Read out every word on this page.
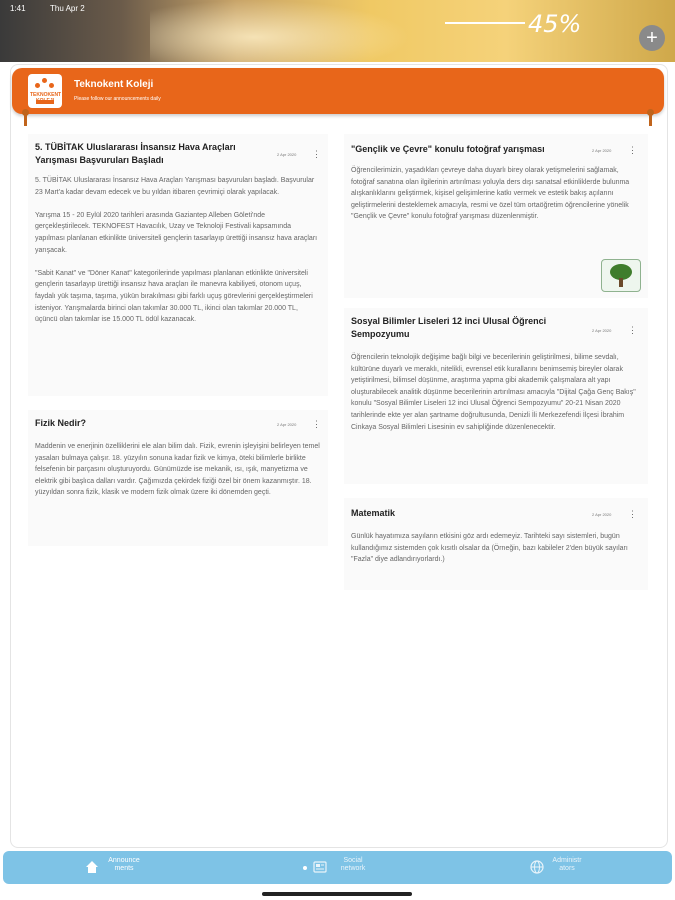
1:41	Thu Apr 2
45%	+
TEKNOKENT
Teknokent Koleji
Please follow our announcements daily
5. TÜBİTAK Uluslararası İnsansız Hava Araçları Yarışması Başvuruları Başladı
2 Apr 2020 ⋮

5. TÜBİTAK Uluslararası İnsansız Hava Araçları Yarışması başvuruları başladı. Başvurular 23 Mart'a kadar devam edecek ve bu yıldan itibaren çevrimiçi olarak yapılacak.

Yarışma 15 - 20 Eylül 2020 tarihleri arasında Gaziantep Alleben Göleti'nde gerçekleştirilecek. TEKNOFEST Havacılık, Uzay ve Teknoloji Festivali kapsamında yapılması planlanan etkinlikte üniversiteli gençlerin tasarlayıp ürettiği insansız hava araçları yarışacak.

"Sabit Kanat" ve "Döner Kanat" kategorilerinde yapılması planlanan etkinlikte üniversiteli gençlerin tasarlayıp ürettiği insansız hava araçları ile manevra kabiliyeti, otonom uçuş, faydalı yük taşıma, taşıma, yükün bırakılması gibi farklı uçuş görevlerini gerçekleştirmeleri isteniyor. Yarışmalarda birinci olan takımlar 30.000 TL, ikinci olan takımlar 20.000 TL, üçüncü olan takımlar ise 15.000 TL ödül kazanacak.

Fizik Nedir?	2 Apr 2020 ⋮

Maddenin ve enerjinin özelliklerini ele alan bilim dalı. Fizik, evrenin işleyişini belirleyen temel yasaları bulmaya çalışır. 18. yüzyılın sonuna kadar fizik ve kimya, öteki bilimlerle birlikte felsefenin bir parçasını oluşturuyordu. Günümüzde ise mekanik, ısı, ışık, manyetizma ve elektrik gibi başlıca dalları vardır. Çağımızda çekirdek fiziği özel bir önem kazanmıştır. 18. yüzyıldan sonra fizik, klasik ve modern fizik olmak üzere iki dönemden geçti.

"Gençlik ve Çevre" konulu fotoğraf yarışması	2 Apr 2020 ⋮

Öğrencilerimizin, yaşadıkları çevreye daha duyarlı birey olarak yetişmelerini sağlamak, fotoğraf sanatına olan ilgilerinin artırılması yoluyla ders dışı sanatsal etkinliklerde bulunma alışkanlıklarını geliştirmek, kişisel gelişimlerine katkı vermek ve estetik bakış açılarını geliştirmelerini desteklemek amacıyla, resmi ve özel tüm ortaöğretim öğrencilerine yönelik "Gençlik ve Çevre" konulu fotoğraf yarışması düzenlenmiştir.

Sosyal Bilimler Liseleri 12 inci Ulusal Öğrenci Sempozyumu	2 Apr 2020 ⋮

Öğrencilerin teknolojik değişime bağlı bilgi ve becerilerinin geliştirilmesi, bilime sevdalı, kültürüne duyarlı ve meraklı, nitelikli, evrensel etik kurallarını benimsemiş bireyler olarak yetiştirilmesi, bilimsel düşünme, araştırma yapma gibi akademik çalışmalara alt yapı oluşturabilecek analitik düşünme becerilerinin artırılması amacıyla "Dijital Çağa Genç Bakış" konulu "Sosyal Bilimler Liseleri 12 inci Ulusal Öğrenci Sempozyumu" 20-21 Nisan 2020 tarihlerinde ekte yer alan şartname doğrultusunda, Denizli İli Merkezefendi İlçesi İbrahim Cinkaya Sosyal Bilimleri Lisesinin ev sahipliğinde düzenlenecektir.

Matematik	2 Apr 2020 ⋮

Günlük hayatımıza sayıların etkisini göz ardı edemeyiz. Tarihteki sayı sistemleri, bugün kullandığımız sistemden çok kısıtlı olsalar da (Örneğin, bazı kabileler 2'den büyük sayıları "Fazla" diye adlandırıyorlardı.)

Announce ments
Social network
Administr ators
